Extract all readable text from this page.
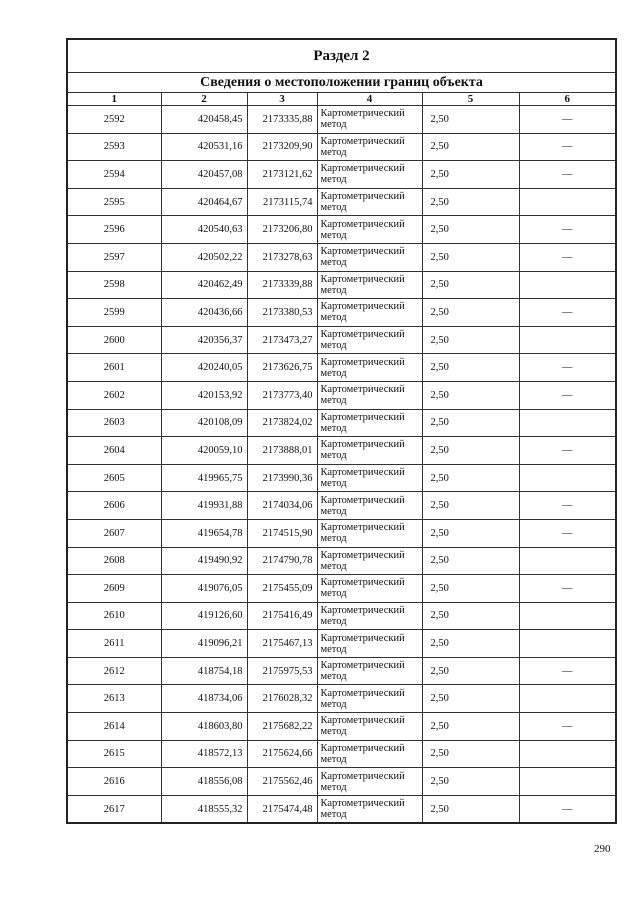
Раздел 2					
Сведения о местоположении границ объекта					
1	2	3	4	5	6
2592	420458,45	2173335,88	Картометрический метод	2,50	—
2593	420531,16	2173209,90	Картометрический метод	2,50	—
2594	420457,08	2173121,62	Картометрический метод	2,50	—
2595	420464,67	2173115,74	Картометрический метод	2,50	
2596	420540,63	2173206,80	Картометрический метод	2,50	—
2597	420502,22	2173278,63	Картометрический метод	2,50	—
2598	420462,49	2173339,88	Картометрический метод	2,50	
2599	420436,66	2173380,53	Картометрический метод	2,50	—
2600	420356,37	2173473,27	Картометрический метод	2,50	
2601	420240,05	2173626,75	Картометрический метод	2,50	—
2602	420153,92	2173773,40	Картометрический метод	2,50	—
2603	420108,09	2173824,02	Картометрический метод	2,50	
2604	420059,10	2173888,01	Картометрический метод	2,50	—
2605	419965,75	2173990,36	Картометрический метод	2,50	
2606	419931,88	2174034,06	Картометрический метод	2,50	—
2607	419654,78	2174515,90	Картометрический метод	2,50	—
2608	419490,92	2174790,78	Картометрический метод	2,50	
2609	419076,05	2175455,09	Картометрический метод	2,50	—
2610	419126,60	2175416,49	Картометрический метод	2,50	
2611	419096,21	2175467,13	Картометрический метод	2,50	
2612	418754,18	2175975,53	Картометрический метод	2,50	—
2613	418734,06	2176028,32	Картометрический метод	2,50	
2614	418603,80	2175682,22	Картометрический метод	2,50	—
2615	418572,13	2175624,66	Картометрический метод	2,50	
2616	418556,08	2175562,46	Картометрический метод	2,50	
2617	418555,32	2175474,48	Картометрический метод	2,50	—
290
